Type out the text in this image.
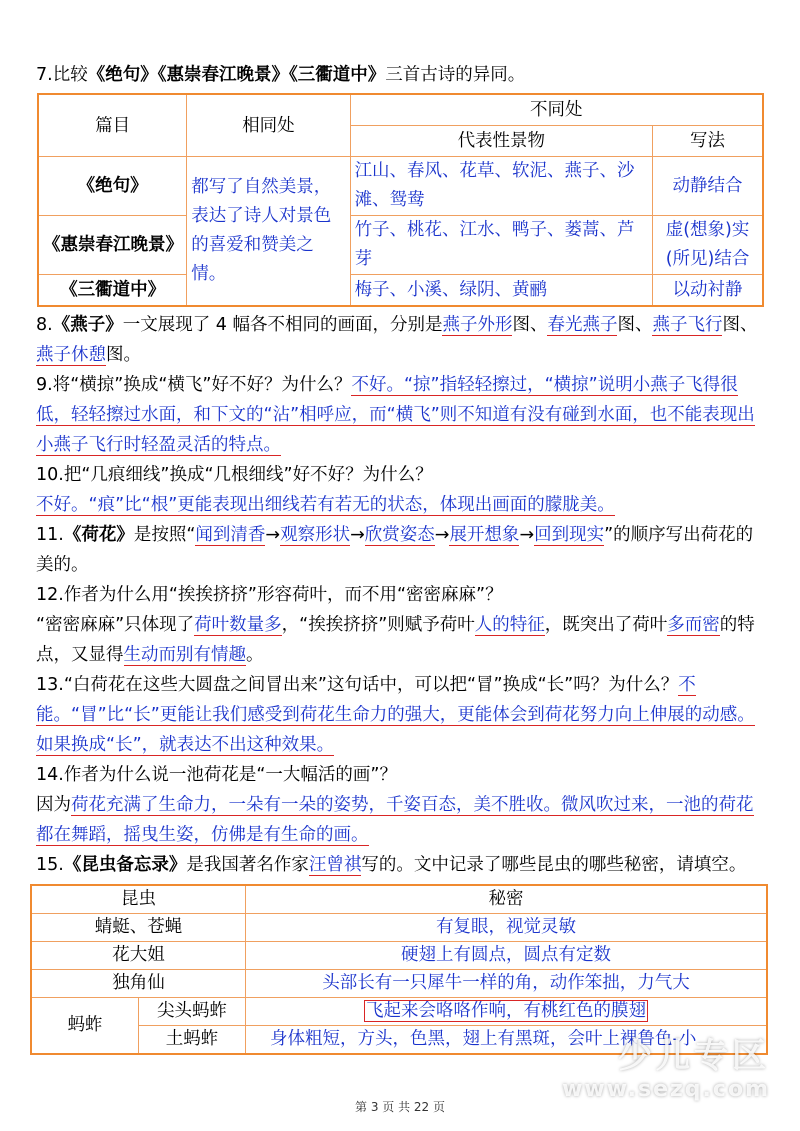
7.比较《绝句》《惠崇春江晚景》《三衢道中》三首古诗的异同。

篇目	相同处	不同处	
		代表性景物	写法
《绝句》	都写了自然美景，表达了诗人对景色的喜爱和赞美之情。	江山、春风、花草、软泥、燕子、沙滩、鸳鸯	动静结合
《惠崇春江晚景》		竹子、桃花、江水、鸭子、蒌蒿、芦芽	虚(想象)实(所见)结合
《三衢道中》		梅子、小溪、绿阴、黄鹂	以动衬静

8.《燕子》一文展现了 4 幅各不相同的画面，分别是燕子外形图、春光燕子图、燕子飞行图、燕子休憩图。

9.将“横掠”换成“横飞”好不好？为什么？不好。“掠”指轻轻擦过，“横掠”说明小燕子飞得很低，轻轻擦过水面，和下文的“沾”相呼应，而“横飞”则不知道有没有碰到水面，也不能表现出小燕子飞行时轻盈灵活的特点。

10.把“几痕细线”换成“几根细线”好不好？为什么？

不好。“痕”比“根”更能表现出细线若有若无的状态，体现出画面的朦胧美。

11.《荷花》是按照“闻到清香→观察形状→欣赏姿态→展开想象→回到现实”的顺序写出荷花的美的。

12.作者为什么用“挨挨挤挤”形容荷叶，而不用“密密麻麻”？

“密密麻麻”只体现了荷叶数量多，“挨挨挤挤”则赋予荷叶人的特征，既突出了荷叶多而密的特点，又显得生动而别有情趣。

13.“白荷花在这些大圆盘之间冒出来”这句话中，可以把“冒”换成“长”吗？为什么？不能。“冒”比“长”更能让我们感受到荷花生命力的强大，更能体会到荷花努力向上伸展的动感。如果换成“长”，就表达不出这种效果。

14.作者为什么说一池荷花是“一大幅活的画”？

因为荷花充满了生命力，一朵有一朵的姿势，千姿百态，美不胜收。微风吹过来，一池的荷花都在舞蹈，摇曳生姿，仿佛是有生命的画。

15.《昆虫备忘录》是我国著名作家汪曾祺写的。文中记录了哪些昆虫的哪些秘密，请填空。

昆虫		秘密
蜻蜓、苍蝇		有复眼，视觉灵敏
花大姐		硬翅上有圆点，圆点有定数
独角仙		头部长有一只犀牛一样的角，动作笨拙，力气大
蚂蚱	尖头蚂蚱	飞起来会咯咯作响，有桃红色的膜翅
	土蚂蚱	身体粗短，方头，色黑，翅上有黑斑，会叶上裸鲁色-小
少儿专区
www.sezq.com
第 3 页 共 22 页
